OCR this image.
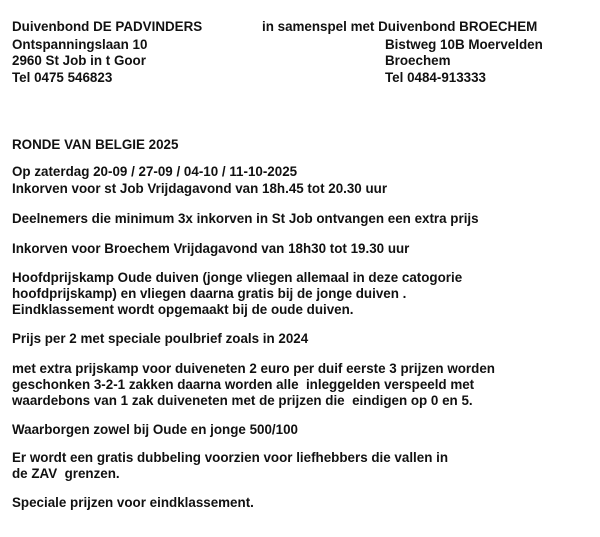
Duivenbond DE PADVINDERS
Ontspanningslaan 10
2960 St Job in t Goor
Tel 0475 546823
in samenspel met Duivenbond BROECHEM
Bistweg 10B Moervelden
Broechem
Tel 0484-913333
RONDE VAN BELGIE 2025
Op zaterdag 20-09 / 27-09 / 04-10 / 11-10-2025
Inkorven voor st Job Vrijdagavond van 18h.45 tot 20.30 uur
Deelnemers die minimum 3x inkorven in St Job ontvangen een extra prijs
Inkorven voor Broechem Vrijdagavond van 18h30 tot 19.30 uur
Hoofdprijskamp Oude duiven (jonge vliegen allemaal in deze catogorie
hoofdprijskamp) en vliegen daarna gratis bij de jonge duiven .
Eindklassement wordt opgemaakt bij de oude duiven.
Prijs per 2 met speciale poulbrief zoals in 2024
met extra prijskamp voor duiveneten 2 euro per duif eerste 3 prijzen worden
geschonken 3-2-1 zakken daarna worden alle  inleggelden verspeeld met
waardebons van 1 zak duiveneten met de prijzen die  eindigen op 0 en 5.
Waarborgen zowel bij Oude en jonge 500/100
Er wordt een gratis dubbeling voorzien voor liefhebbers die vallen in
de ZAV  grenzen.
Speciale prijzen voor eindklassement.
